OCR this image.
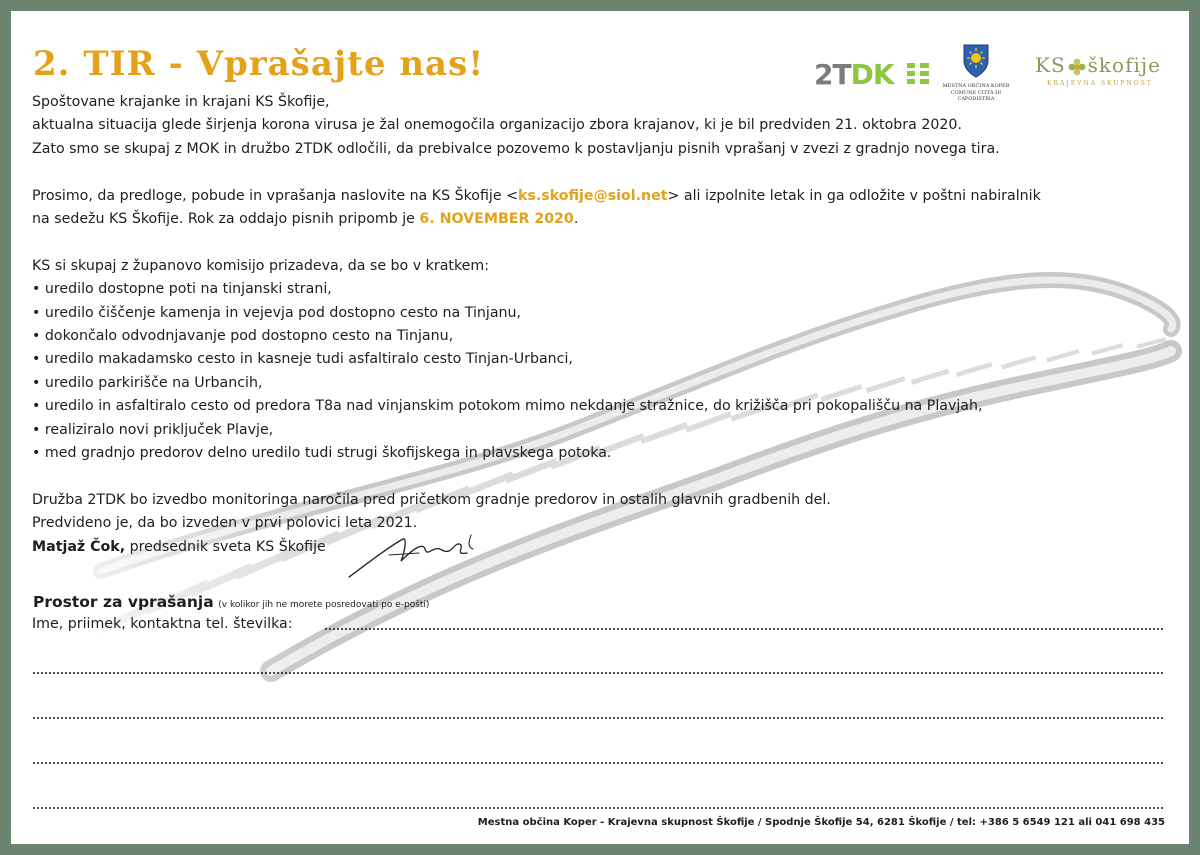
2. TIR - Vprašajte nas!	2TDK	MESTNA OBČINA KOPER
COMUNE CITTÀ DI CAPODISTRIA
KS škofije
KRAJEVNA SKUPNOST

Spoštovane krajanke in krajani KS Škofije,

aktualna situacija glede širjenja korona virusa je žal onemogočila organizacijo zbora krajanov, ki je bil predviden 21. oktobra 2020.

Zato smo se skupaj z MOK in družbo 2TDK odločili, da prebivalce pozovemo k postavljanju pisnih vprašanj v zvezi z gradnjo novega tira.

Prosimo, da predloge, pobude in vprašanja naslovite na KS Škofije <ks.skofije@siol.net> ali izpolnite letak in ga odložite v poštni nabiralnik

na sedežu KS Škofije. Rok za oddajo pisnih pripomb je 6. NOVEMBER 2020.

KS si skupaj z županovo komisijo prizadeva, da se bo v kratkem:

• uredilo dostopne poti na tinjanski strani,
• uredilo čiščenje kamenja in vejevja pod dostopno cesto na Tinjanu,
• dokončalo odvodnjavanje pod dostopno cesto na Tinjanu,
• uredilo makadamsko cesto in kasneje tudi asfaltiralo cesto Tinjan-Urbanci,
• uredilo parkirišče na Urbancih,
• uredilo in asfaltiralo cesto od predora T8a nad vinjanskim potokom mimo nekdanje stražnice, do križišča pri pokopališču na Plavjah,
• realiziralo novi priključek Plavje,
• med gradnjo predorov delno uredilo tudi strugi škofijskega in plavskega potoka.

Družba 2TDK bo izvedbo monitoringa naročila pred pričetkom gradnje predorov in ostalih glavnih gradbenih del.

Predvideno je, da bo izveden v prvi polovici leta 2021.

Matjaž Čok, predsednik sveta KS Škofije
Prostor za vprašanja (v kolikor jih ne morete posredovati po e-pošti)
Ime, priimek, kontaktna tel. številka:
Mestna občina Koper - Krajevna skupnost Škofije / Spodnje Škofije 54, 6281 Škofije / tel: +386 5 6549 121 ali 041 698 435
